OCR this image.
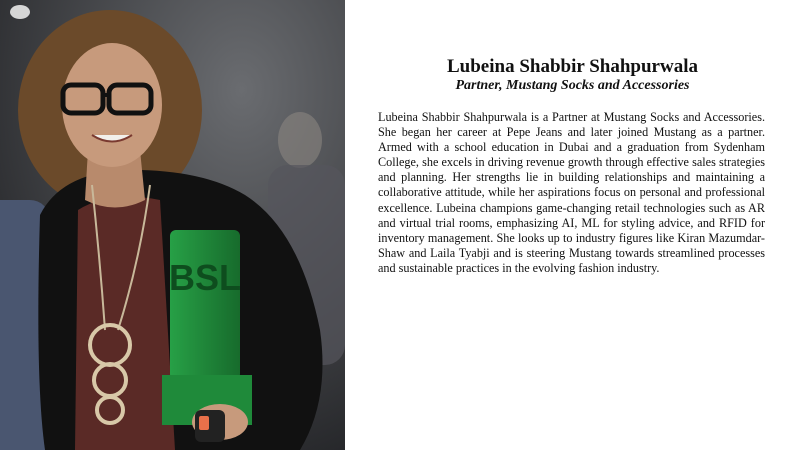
BSL
Lubeina Shabbir Shahpurwala
Partner, Mustang Socks and Accessories

Lubeina Shabbir Shahpurwala is a Partner at Mustang Socks and Accessories. She began her career at Pepe Jeans and later joined Mustang as a partner. Armed with a school education in Dubai and a graduation from Sydenham College, she excels in driving revenue growth through effective sales strategies and planning. Her strengths lie in building relationships and maintaining a collaborative attitude, while her aspirations focus on personal and professional excellence. Lubeina champions game-changing retail technologies such as AR and virtual trial rooms, emphasizing AI, ML for styling advice, and RFID for inventory management. She looks up to industry figures like Kiran Mazumdar-Shaw and Laila Tyabji and is steering Mustang towards streamlined processes and sustainable practices in the evolving fashion industry.
